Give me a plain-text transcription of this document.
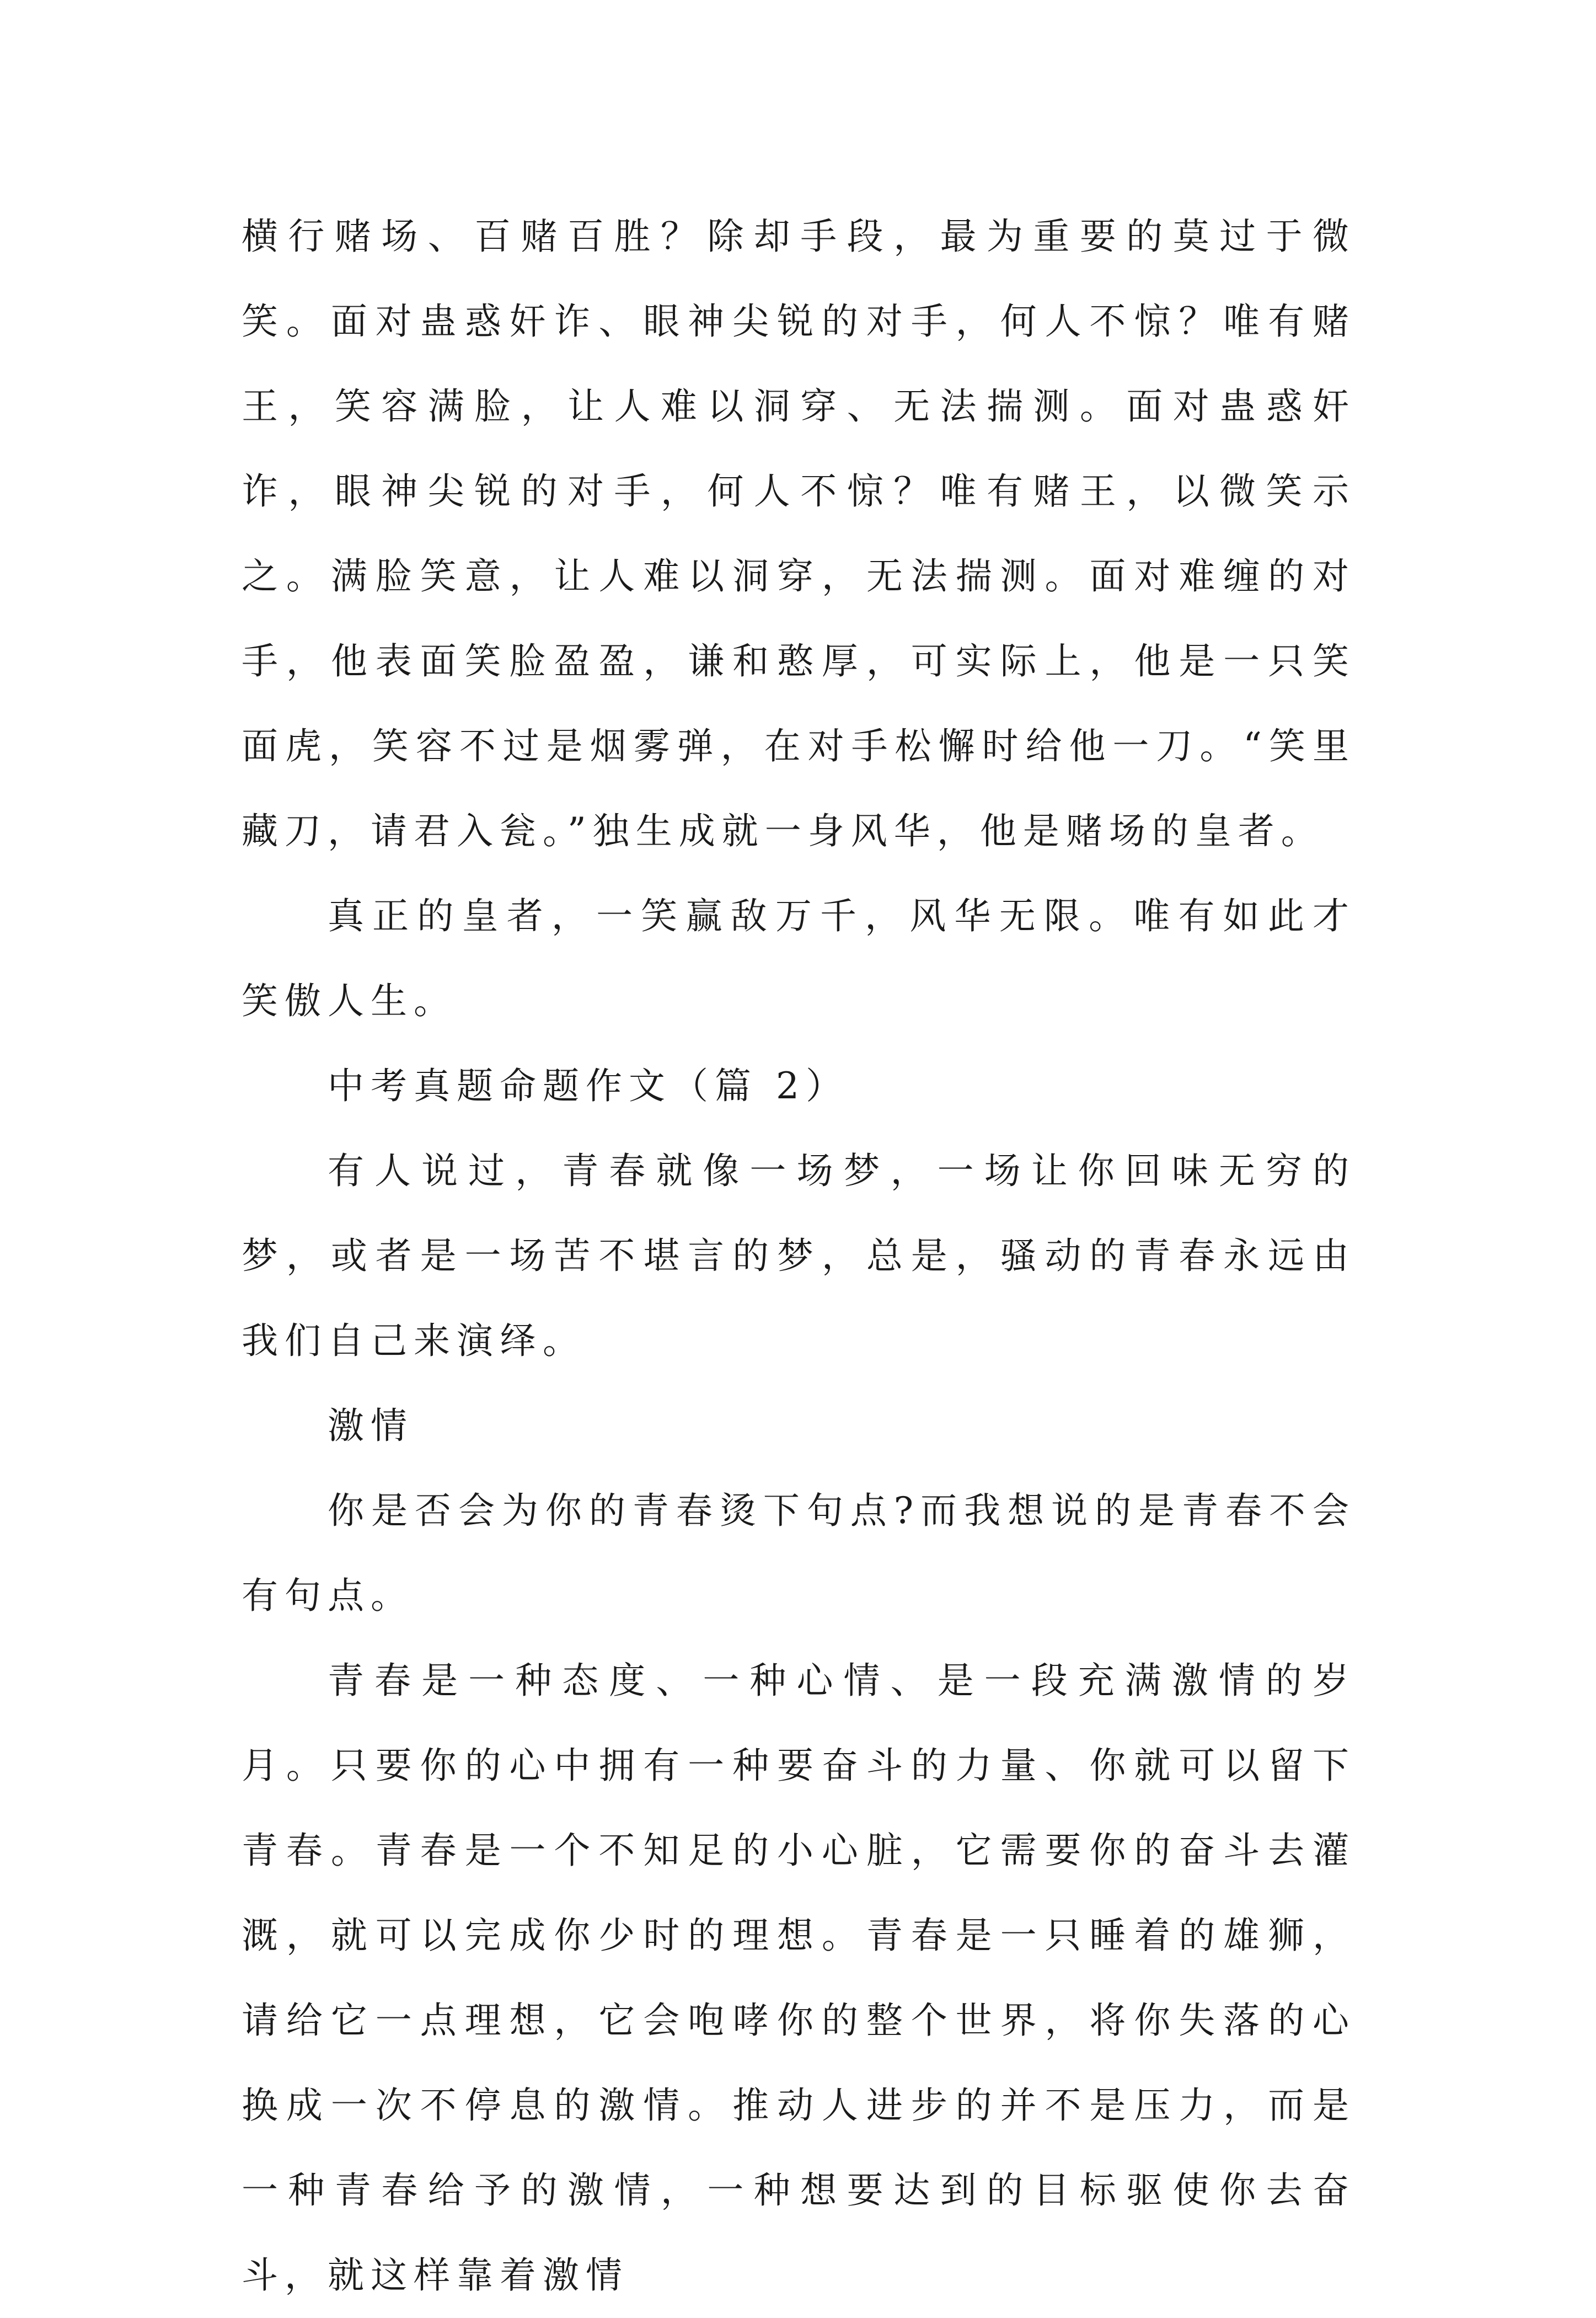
横行赌场、百赌百胜？除却手段，最为重要的莫过于微笑。面对蛊惑奸诈、眼神尖锐的对手，何人不惊？唯有赌王，笑容满脸，让人难以洞穿、无法揣测。面对蛊惑奸诈，眼神尖锐的对手，何人不惊？唯有赌王，以微笑示之。满脸笑意，让人难以洞穿，无法揣测。面对难缠的对手，他表面笑脸盈盈，谦和憨厚，可实际上，他是一只笑面虎，笑容不过是烟雾弹，在对手松懈时给他一刀。“笑里藏刀，请君入瓮。”独生成就一身风华，他是赌场的皇者。

真正的皇者，一笑赢敌万千，风华无限。唯有如此才笑傲人生。

中考真题命题作文（篇 2）

有人说过，青春就像一场梦，一场让你回味无穷的梦，或者是一场苦不堪言的梦，总是，骚动的青春永远由我们自己来演绎。

激情

你是否会为你的青春烫下句点?而我想说的是青春不会有句点。

青春是一种态度、一种心情、是一段充满激情的岁月。只要你的心中拥有一种要奋斗的力量、你就可以留下青春。青春是一个不知足的小心脏，它需要你的奋斗去灌溉，就可以完成你少时的理想。青春是一只睡着的雄狮，请给它一点理想，它会咆哮你的整个世界，将你失落的心换成一次不停息的激情。推动人进步的并不是压力，而是一种青春给予的激情，一种想要达到的目标驱使你去奋斗，就这样靠着激情
